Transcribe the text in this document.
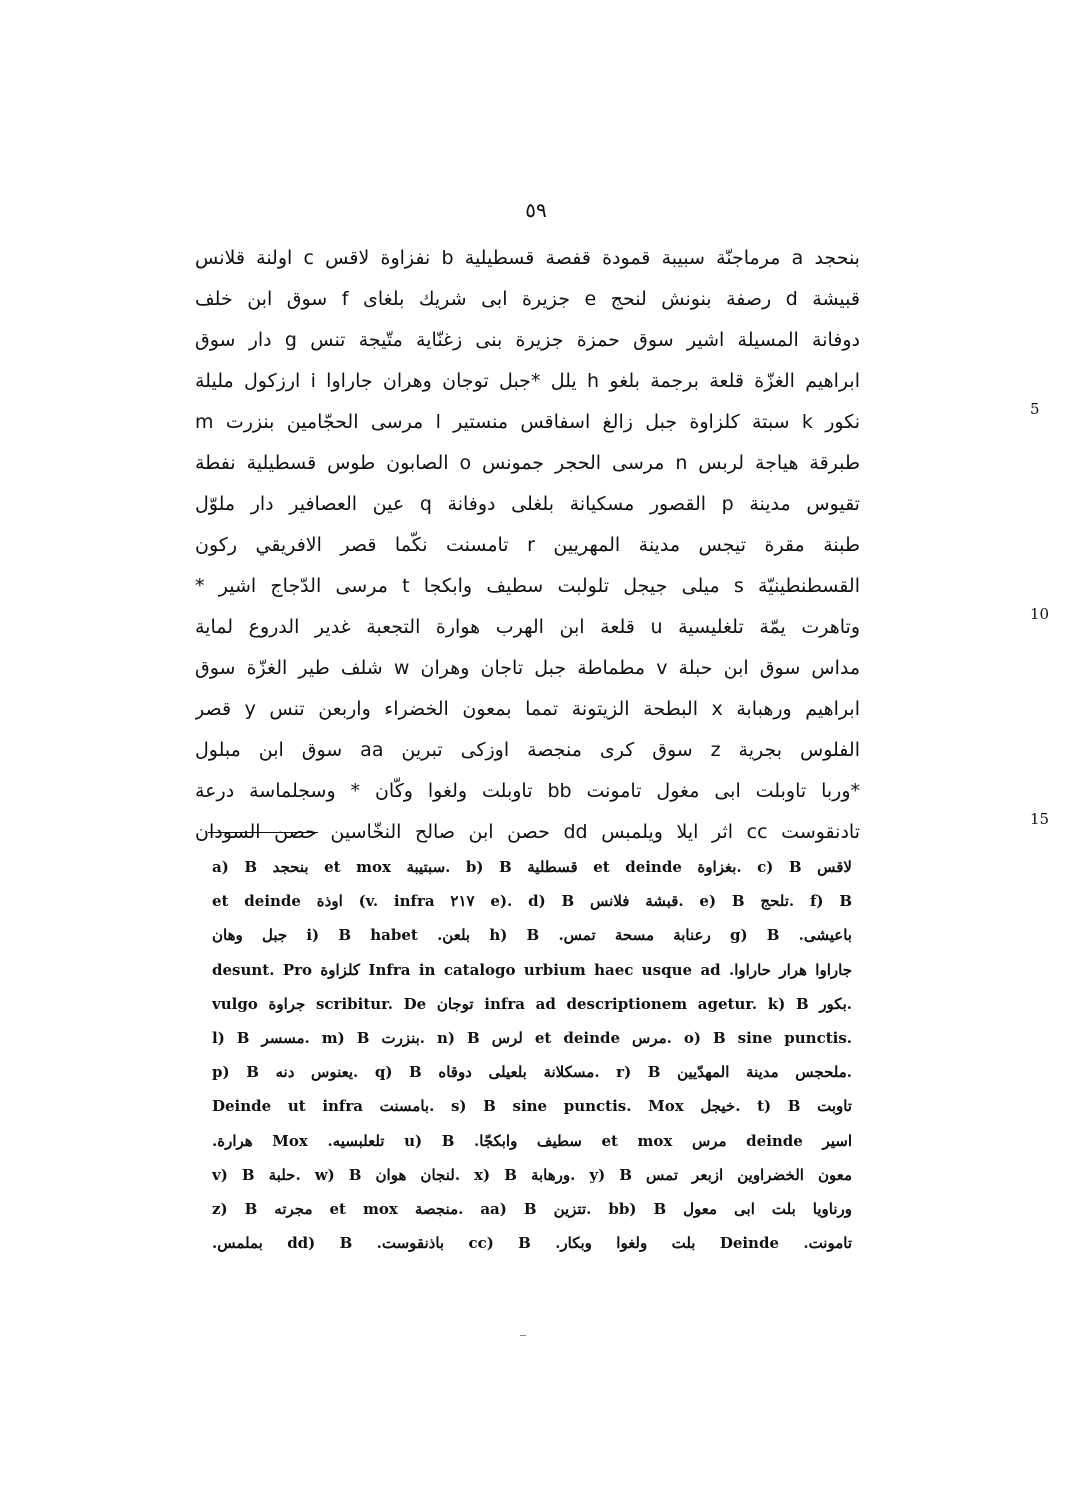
٥٩
بنحجد a مرماجنّة سبيبة قمودة قفصة قسطيلية b نفزاوة لاقس c اولنة قلانس
قبيشة d رصفة بنونش لنحج e جزيرة ابى شريك بلغاى f سوق ابن خلف
دوفانة المسيلة اشير سوق حمزة جزيرة بنى زغنّاية متّيجة تنس g دار سوق
ابراهيم الغزّة قلعة برجمة بلغو h يلل *جبل توجان وهران جاراوا i ارزكول مليلة
نكور k سبتة كلزاوة جبل زالغ اسفاقس منستير l مرسى الحجّامين بنزرت m
طبرقة هياجة لربس n مرسى الحجر جمونس o الصابون طوس قسطيلية نفطة
تقيوس مدينة p القصور مسكيانة بلغلى دوفانة q عين العصافير دار ملوّل
طبنة مقرة تيجس مدينة المهريين r تامسنت نكّما قصر الافريقي ركون
القسطنطينيّة s ميلى جيجل تلولبت سطيف وابكجا t مرسى الدّجاج اشير *
وتاهرت يمّة تلغليسية u قلعة ابن الهرب هوارة التجعبة غدير الدروع لماية
مداس سوق ابن حبلة v مطماطة جبل تاجان وهران w شلف طير الغزّة سوق
ابراهيم ورهبابة x البطحة الزيتونة تمما بمعون الخضراء واربعن تنس y قصر
الفلوس بجرية z سوق كرى منجصة اوزكى تبرين aa سوق ابن مبلول
*وربا تاوبلت ابى مغول تامونت bb تاوبلت ولغوا وكّان * وسجلماسة درعة
تادنقوست cc اثر ايلا ويلمبس dd حصن ابن صالح النخّاسين حصن السودان
5
10
15
a) B بنحجد et mox سبتيبة. b) B قسطلية et deinde بغزاوة. c) B لاقس
et deinde اوذة (v. infra ٢١٧ e). d) B قبشة فلانس. e) B تلحج. f) B
باعيشى. g) B رعنابة مسحة تمس. h) B بلعن. i) B habet جبل وهان
جاراوا هرار حاراوا. Infra in catalogo urbium haec usque ad كلزاوة desunt. Pro
vulgo جراوة scribitur. De توجان infra ad descriptionem agetur. k) B بكور.
l) B مسسر. m) B بنزرت. n) B لرس et deinde مرس. o) B sine punctis.
p) B يعنوس دنه. q) B مسكلانة بلعيلى دوقاه. r) B ملحجس مدينة المهدّيين.
Deinde ut infra بامسنت. s) B sine punctis. Mox خيجل. t) B تاوبت
اسير deinde مرس et mox سطيف وابكجّا. u) B تلعلبسيه. Mox هرارة.
v) B حلبة. w) B لنجان هوان. x) B ورهابة. y) B معون الخضراوين ازبعر تمس
z) B مجرته et mox منجصة. aa) B تتزين. bb) B ورناويا بلت ابى معول
تامونت. Deinde بلت ولغوا وبكار. cc) B باذنقوست. dd) B بملمس.
